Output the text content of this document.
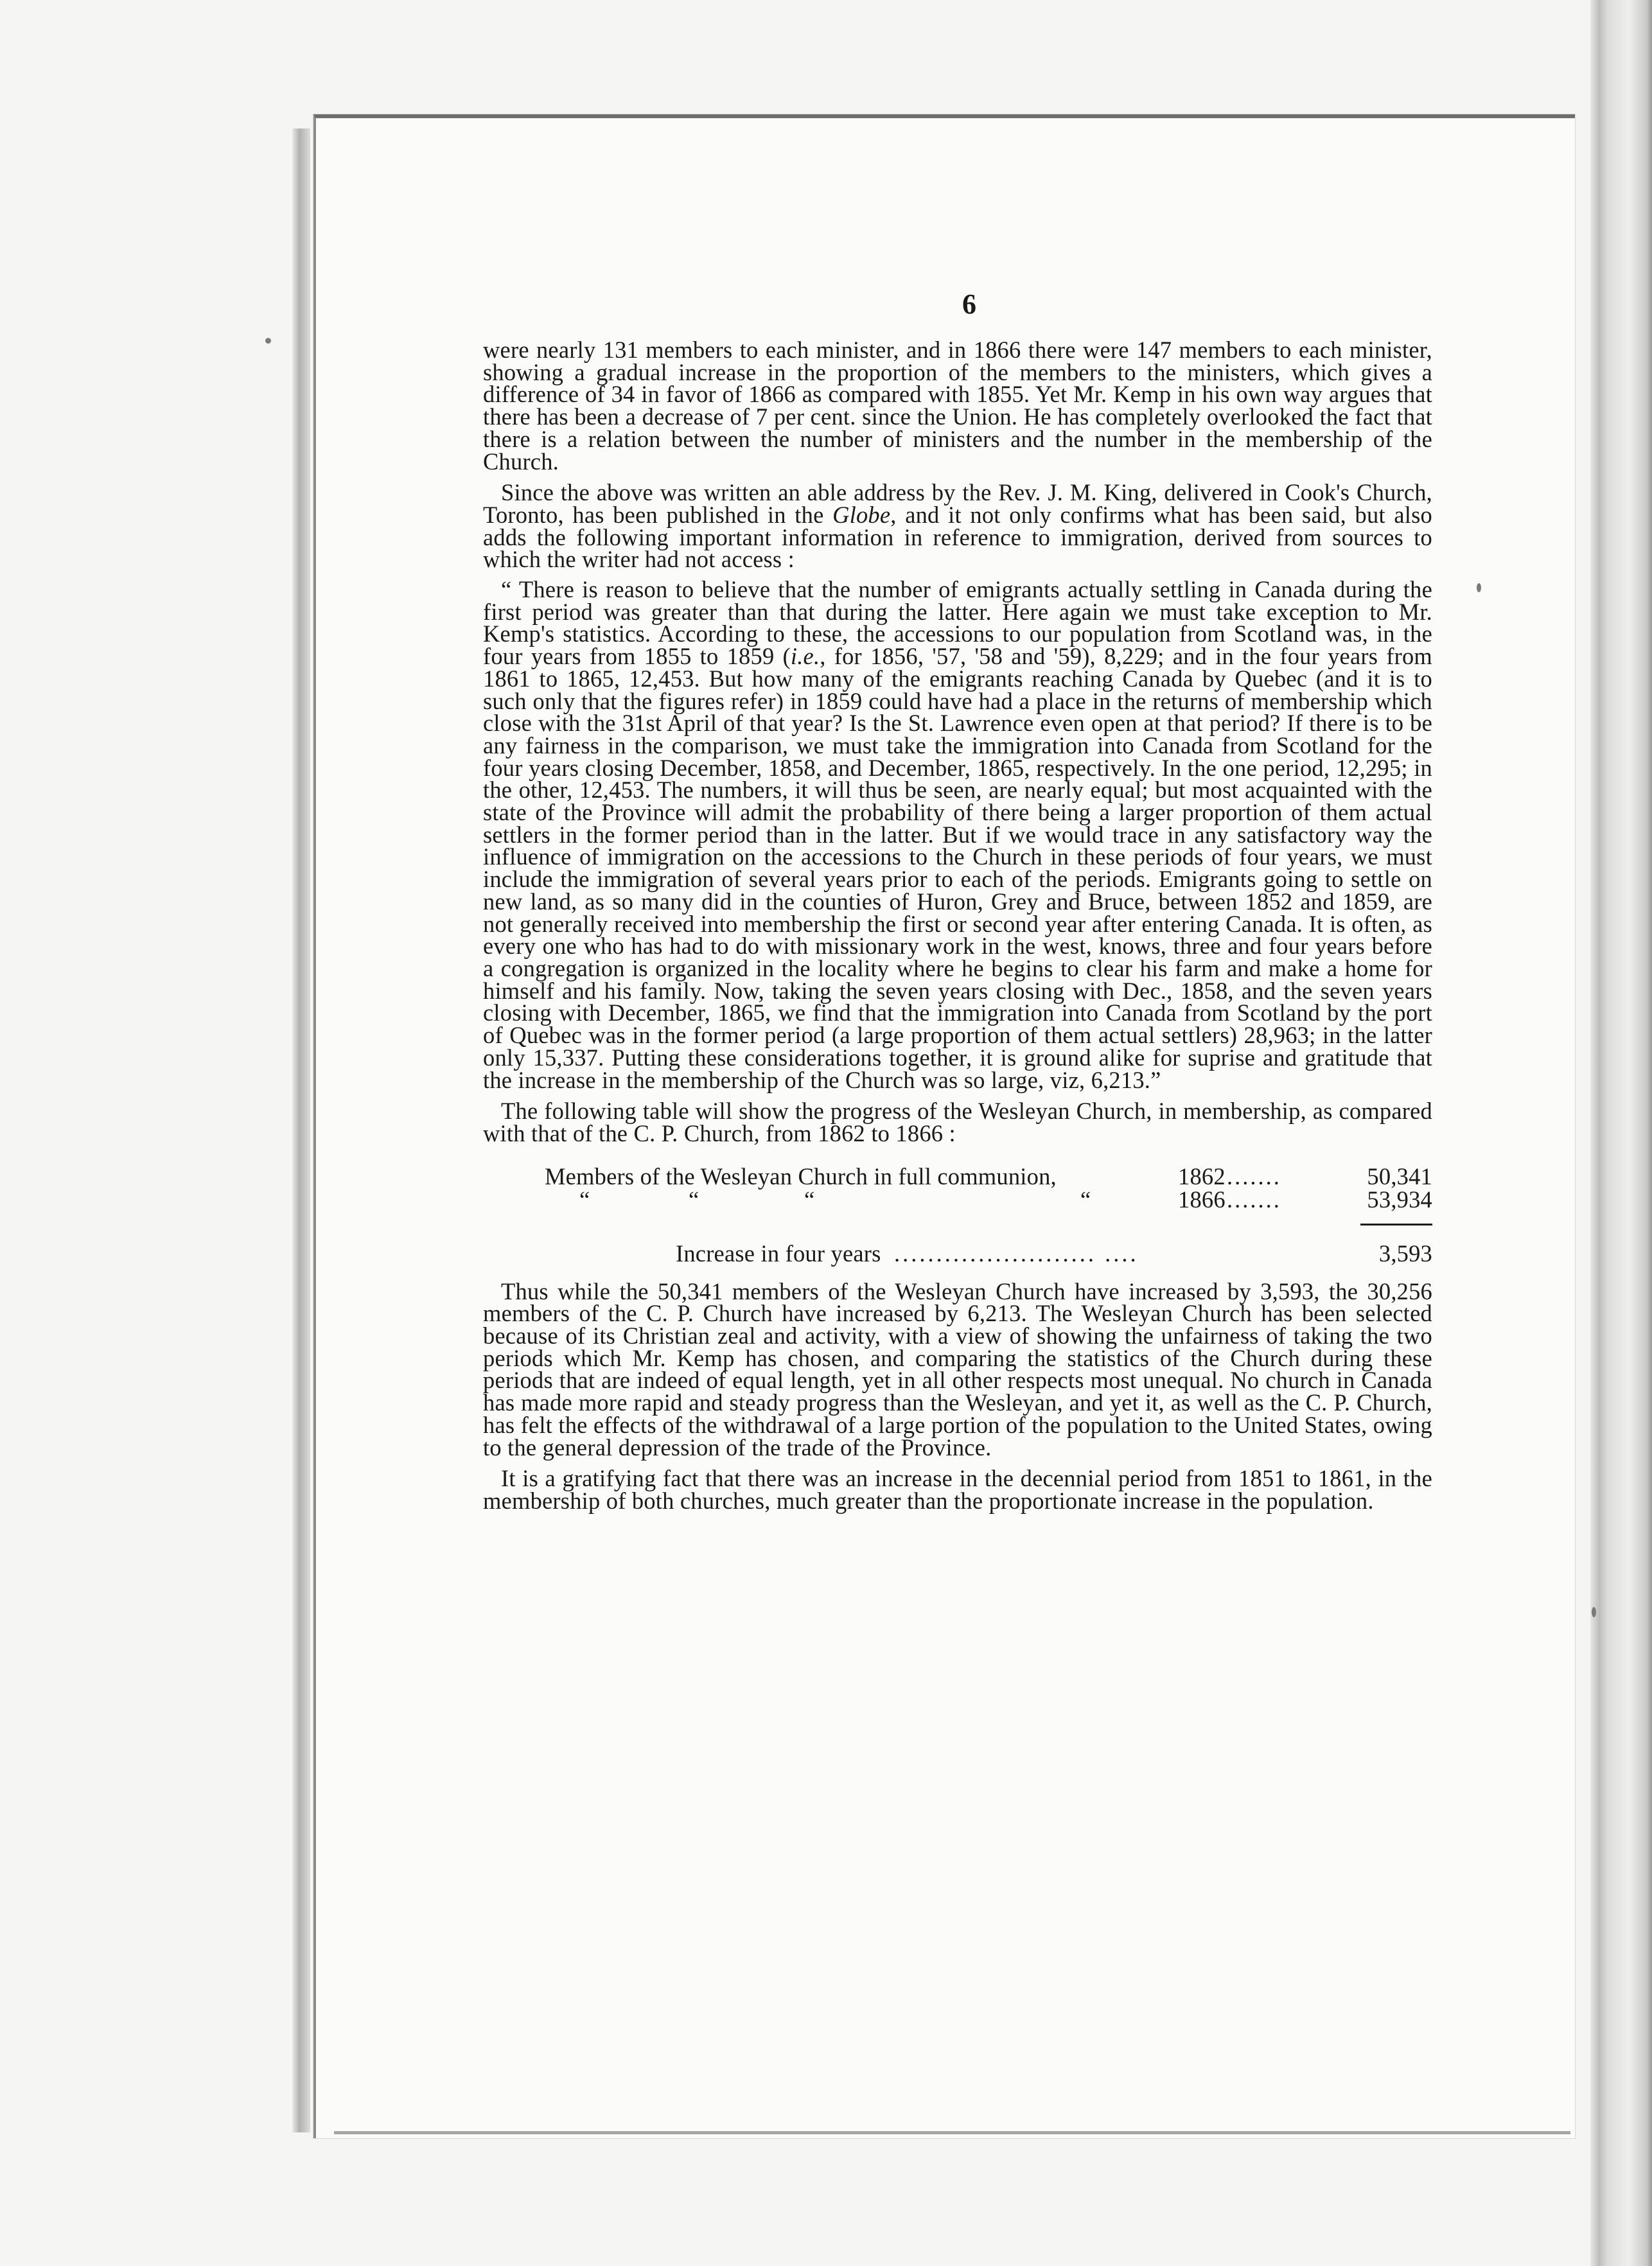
6

were nearly 131 members to each minister, and in 1866 there were 147 members to each minister, showing a gradual increase in the proportion of the members to the ministers, which gives a difference of 34 in favor of 1866 as compared with 1855. Yet Mr. Kemp in his own way argues that there has been a decrease of 7 per cent. since the Union. He has completely overlooked the fact that there is a relation between the number of ministers and the number in the membership of the Church.

Since the above was written an able address by the Rev. J. M. King, delivered in Cook's Church, Toronto, has been published in the Globe, and it not only confirms what has been said, but also adds the following important information in reference to immigration, derived from sources to which the writer had not access :

“ There is reason to believe that the number of emigrants actually settling in Canada during the first period was greater than that during the latter. Here again we must take exception to Mr. Kemp's statistics. According to these, the accessions to our population from Scotland was, in the four years from 1855 to 1859 (i.e., for 1856, '57, '58 and '59), 8,229; and in the four years from 1861 to 1865, 12,453. But how many of the emigrants reaching Canada by Quebec (and it is to such only that the figures refer) in 1859 could have had a place in the returns of membership which close with the 31st April of that year? Is the St. Lawrence even open at that period? If there is to be any fairness in the comparison, we must take the immigration into Canada from Scotland for the four years closing December, 1858, and December, 1865, respectively. In the one period, 12,295; in the other, 12,453. The numbers, it will thus be seen, are nearly equal; but most acquainted with the state of the Province will admit the probability of there being a larger proportion of them actual settlers in the former period than in the latter. But if we would trace in any satisfactory way the influence of immigration on the accessions to the Church in these periods of four years, we must include the immigration of several years prior to each of the periods. Emigrants going to settle on new land, as so many did in the counties of Huron, Grey and Bruce, between 1852 and 1859, are not generally received into membership the first or second year after entering Canada. It is often, as every one who has had to do with missionary work in the west, knows, three and four years before a congregation is organized in the locality where he begins to clear his farm and make a home for himself and his family. Now, taking the seven years closing with Dec., 1858, and the seven years closing with December, 1865, we find that the immigration into Canada from Scotland by the port of Quebec was in the former period (a large proportion of them actual settlers) 28,963; in the latter only 15,337. Putting these considerations together, it is ground alike for suprise and gratitude that the increase in the membership of the Church was so large, viz, 6,213.”

The following table will show the progress of the Wesleyan Church, in membership, as compared with that of the C. P. Church, from 1862 to 1866 :

Members of the Wesleyan Church in full communion,	1862 .......	50,341
“	“	“	“	1866 .......	53,934
Increase in four years ........................ ....	3,593

Thus while the 50,341 members of the Wesleyan Church have increased by 3,593, the 30,256 members of the C. P. Church have increased by 6,213. The Wesleyan Church has been selected because of its Christian zeal and activity, with a view of showing the unfairness of taking the two periods which Mr. Kemp has chosen, and comparing the statistics of the Church during these periods that are indeed of equal length, yet in all other respects most unequal. No church in Canada has made more rapid and steady progress than the Wesleyan, and yet it, as well as the C. P. Church, has felt the effects of the withdrawal of a large portion of the population to the United States, owing to the general depression of the trade of the Province.

It is a gratifying fact that there was an increase in the decennial period from 1851 to 1861, in the membership of both churches, much greater than the proportionate increase in the population.
